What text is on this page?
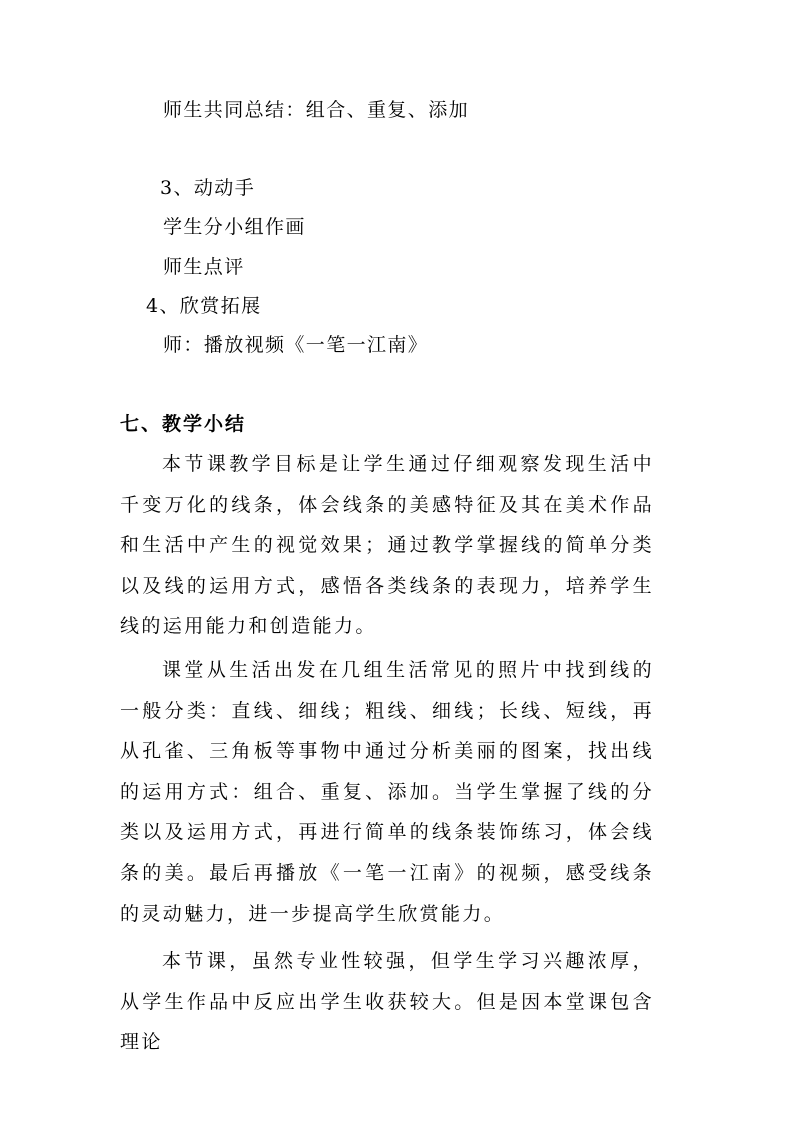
师生共同总结：组合、重复、添加
3、动动手
学生分小组作画
师生点评
4、欣赏拓展
师：播放视频《一笔一江南》
七、教学小结

本节课教学目标是让学生通过仔细观察发现生活中千变万化的线条，体会线条的美感特征及其在美术作品和生活中产生的视觉效果；通过教学掌握线的简单分类以及线的运用方式，感悟各类线条的表现力，培养学生线的运用能力和创造能力。

课堂从生活出发在几组生活常见的照片中找到线的一般分类：直线、细线；粗线、细线；长线、短线，再从孔雀、三角板等事物中通过分析美丽的图案，找出线的运用方式：组合、重复、添加。当学生掌握了线的分类以及运用方式，再进行简单的线条装饰练习，体会线条的美。最后再播放《一笔一江南》的视频，感受线条的灵动魅力，进一步提高学生欣赏能力。

本节课，虽然专业性较强，但学生学习兴趣浓厚，从学生作品中反应出学生收获较大。但是因本堂课包含理论
